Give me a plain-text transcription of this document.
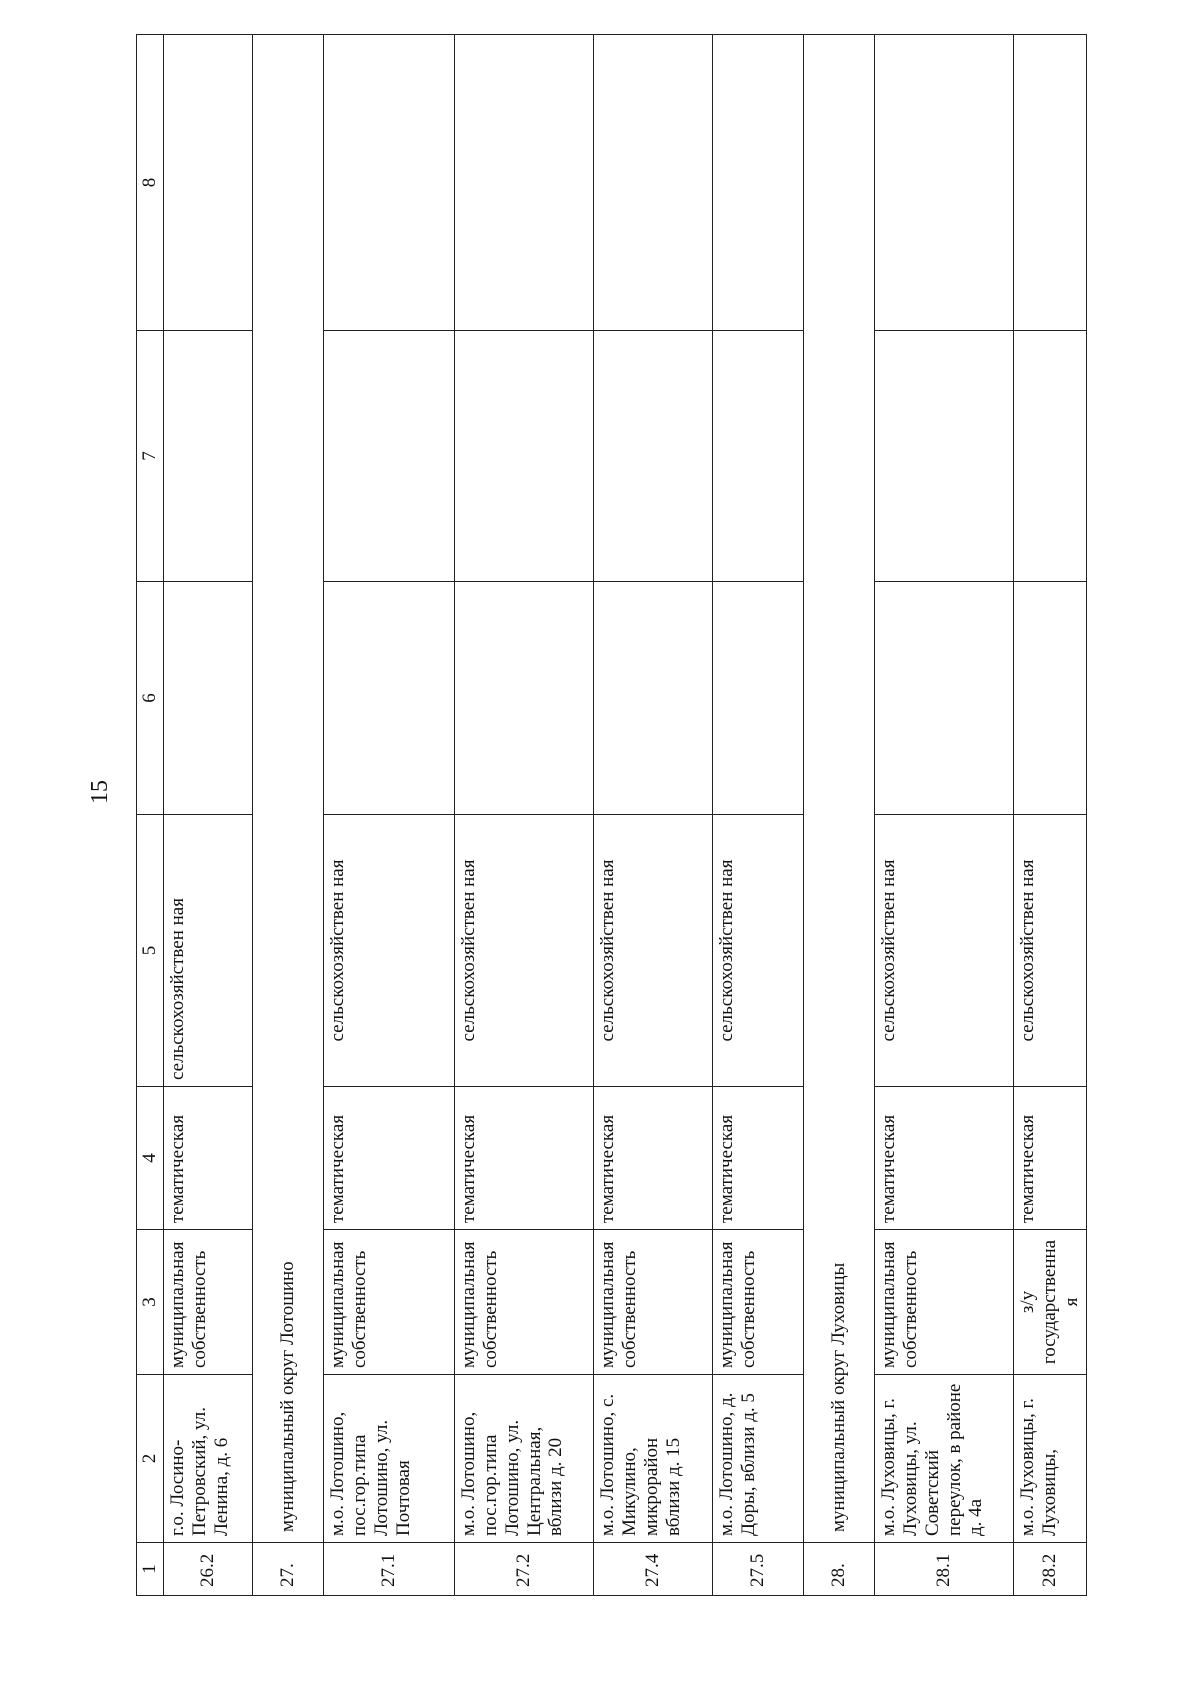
15
1	2	3	4	5	6	7	8
26.2	г.о. Лосино-Петровский, ул. Ленина, д. 6	муниципальная собственность	тематическая	сельскохозяйствен ная			
27.	муниципальный округ Лотошино						
27.1	м.о. Лотошино, пос.гор.типа Лотошино, ул. Почтовая	муниципальная собственность	тематическая	сельскохозяйствен ная			
27.2	м.о. Лотошино, пос.гор.типа Лотошино, ул. Центральная, вблизи д. 20	муниципальная собственность	тематическая	сельскохозяйствен ная			
27.4	м.о. Лотошино, с. Микулино, микрорайон вблизи д. 15	муниципальная собственность	тематическая	сельскохозяйствен ная			
27.5	м.о. Лотошино, д. Доры, вблизи д. 5	муниципальная собственность	тематическая	сельскохозяйствен ная			
28.	муниципальный округ Луховицы						
28.1	м.о. Луховицы, г. Луховицы, ул. Советский переулок, в районе д. 4а	муниципальная собственность	тематическая	сельскохозяйствен ная			
28.2	м.о. Луховицы, г. Луховицы,	з/у государственная	тематическая	сельскохозяйствен ная			
